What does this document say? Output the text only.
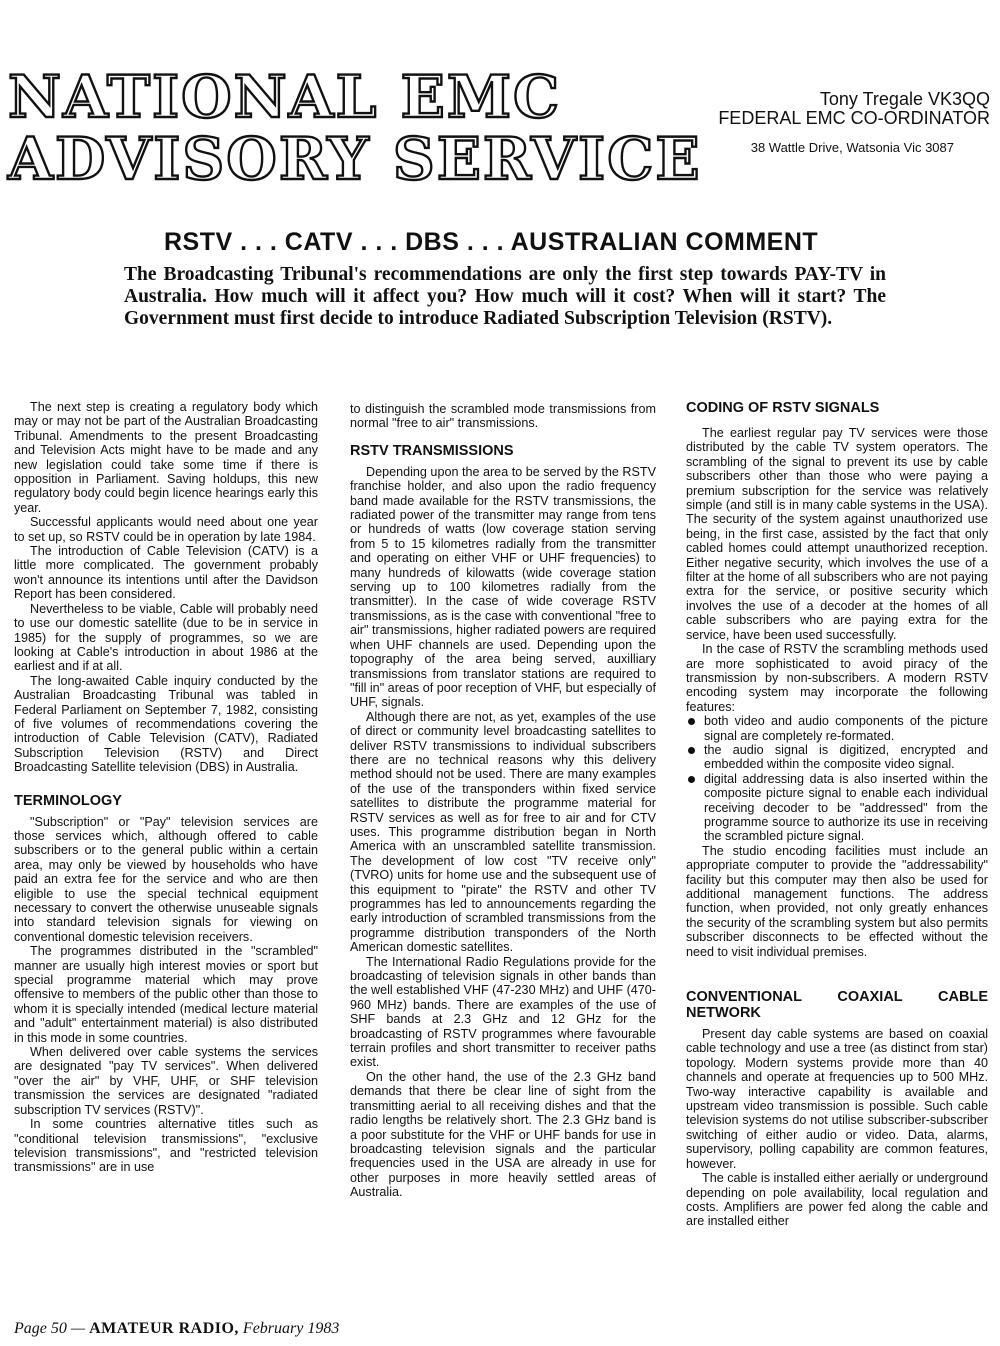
NATIONAL EMC
ADVISORY SERVICE
Tony Tregale VK3QQ
FEDERAL EMC CO-ORDINATOR
38 Wattle Drive, Watsonia Vic 3087
RSTV . . . CATV . . . DBS . . . AUSTRALIAN COMMENT
The Broadcasting Tribunal's recommendations are only the first step towards PAY-TV in Australia. How much will it affect you? How much will it cost? When will it start? The Government must first decide to introduce Radiated Subscription Television (RSTV).

The next step is creating a regulatory body which may or may not be part of the Australian Broadcasting Tribunal. Amendments to the present Broadcasting and Television Acts might have to be made and any new legislation could take some time if there is opposition in Parliament. Saving holdups, this new regulatory body could begin licence hearings early this year.

Successful applicants would need about one year to set up, so RSTV could be in operation by late 1984.

The introduction of Cable Television (CATV) is a little more complicated. The government probably won't announce its intentions until after the Davidson Report has been considered.

Nevertheless to be viable, Cable will probably need to use our domestic satellite (due to be in service in 1985) for the supply of programmes, so we are looking at Cable's introduction in about 1986 at the earliest and if at all.

The long-awaited Cable inquiry conducted by the Australian Broadcasting Tribunal was tabled in Federal Parliament on September 7, 1982, consisting of five volumes of recommendations covering the introduction of Cable Television (CATV), Radiated Subscription Television (RSTV) and Direct Broadcasting Satellite television (DBS) in Australia.

TERMINOLOGY

"Subscription" or "Pay" television services are those services which, although offered to cable subscribers or to the general public within a certain area, may only be viewed by households who have paid an extra fee for the service and who are then eligible to use the special technical equipment necessary to convert the otherwise unuseable signals into standard television signals for viewing on conventional domestic television receivers.

The programmes distributed in the "scrambled" manner are usually high interest movies or sport but special programme material which may prove offensive to members of the public other than those to whom it is specially intended (medical lecture material and "adult" entertainment material) is also distributed in this mode in some countries.

When delivered over cable systems the services are designated "pay TV services". When delivered "over the air" by VHF, UHF, or SHF television transmission the services are designated "radiated subscription TV services (RSTV)".

In some countries alternative titles such as "conditional television transmissions", "exclusive television transmissions", and "restricted television transmissions" are in use

to distinguish the scrambled mode transmissions from normal "free to air" transmissions.

RSTV TRANSMISSIONS

Depending upon the area to be served by the RSTV franchise holder, and also upon the radio frequency band made available for the RSTV transmissions, the radiated power of the transmitter may range from tens or hundreds of watts (low coverage station serving from 5 to 15 kilometres radially from the transmitter and operating on either VHF or UHF frequencies) to many hundreds of kilowatts (wide coverage station serving up to 100 kilometres radially from the transmitter). In the case of wide coverage RSTV transmissions, as is the case with conventional "free to air" transmissions, higher radiated powers are required when UHF channels are used. Depending upon the topography of the area being served, auxilliary transmissions from translator stations are required to "fill in" areas of poor reception of VHF, but especially of UHF, signals.

Although there are not, as yet, examples of the use of direct or community level broadcasting satellites to deliver RSTV transmissions to individual subscribers there are no technical reasons why this delivery method should not be used. There are many examples of the use of the transponders within fixed service satellites to distribute the programme material for RSTV services as well as for free to air and for CTV uses. This programme distribution began in North America with an unscrambled satellite transmission. The development of low cost "TV receive only" (TVRO) units for home use and the subsequent use of this equipment to "pirate" the RSTV and other TV programmes has led to announcements regarding the early introduction of scrambled transmissions from the programme distribution transponders of the North American domestic satellites.

The International Radio Regulations provide for the broadcasting of television signals in other bands than the well established VHF (47-230 MHz) and UHF (470-960 MHz) bands. There are examples of the use of SHF bands at 2.3 GHz and 12 GHz for the broadcasting of RSTV programmes where favourable terrain profiles and short transmitter to receiver paths exist.

On the other hand, the use of the 2.3 GHz band demands that there be clear line of sight from the transmitting aerial to all receiving dishes and that the radio lengths be relatively short. The 2.3 GHz band is a poor substitute for the VHF or UHF bands for use in broadcasting television signals and the particular frequencies used in the USA are already in use for other purposes in more heavily settled areas of Australia.

CODING OF RSTV SIGNALS

The earliest regular pay TV services were those distributed by the cable TV system operators. The scrambling of the signal to prevent its use by cable subscribers other than those who were paying a premium subscription for the service was relatively simple (and still is in many cable systems in the USA). The security of the system against unauthorized use being, in the first case, assisted by the fact that only cabled homes could attempt unauthorized reception. Either negative security, which involves the use of a filter at the home of all subscribers who are not paying extra for the service, or positive security which involves the use of a decoder at the homes of all cable subscribers who are paying extra for the service, have been used successfully.

In the case of RSTV the scrambling methods used are more sophisticated to avoid piracy of the transmission by non-subscribers. A modern RSTV encoding system may incorporate the following features:

both video and audio components of the picture signal are completely re-formated.
the audio signal is digitized, encrypted and embedded within the composite video signal.
digital addressing data is also inserted within the composite picture signal to enable each individual receiving decoder to be "addressed" from the programme source to authorize its use in receiving the scrambled picture signal.

The studio encoding facilities must include an appropriate computer to provide the "addressability" facility but this computer may then also be used for additional management functions. The address function, when provided, not only greatly enhances the security of the scrambling system but also permits subscriber disconnects to be effected without the need to visit individual premises.

CONVENTIONAL COAXIAL CABLE NETWORK

Present day cable systems are based on coaxial cable technology and use a tree (as distinct from star) topology. Modern systems provide more than 40 channels and operate at frequencies up to 500 MHz. Two-way interactive capability is available and upstream video transmission is possible. Such cable television systems do not utilise subscriber-subscriber switching of either audio or video. Data, alarms, supervisory, polling capability are common features, however.

The cable is installed either aerially or underground depending on pole availability, local regulation and costs. Amplifiers are power fed along the cable and are installed either

Page 50 — AMATEUR RADIO, February 1983
